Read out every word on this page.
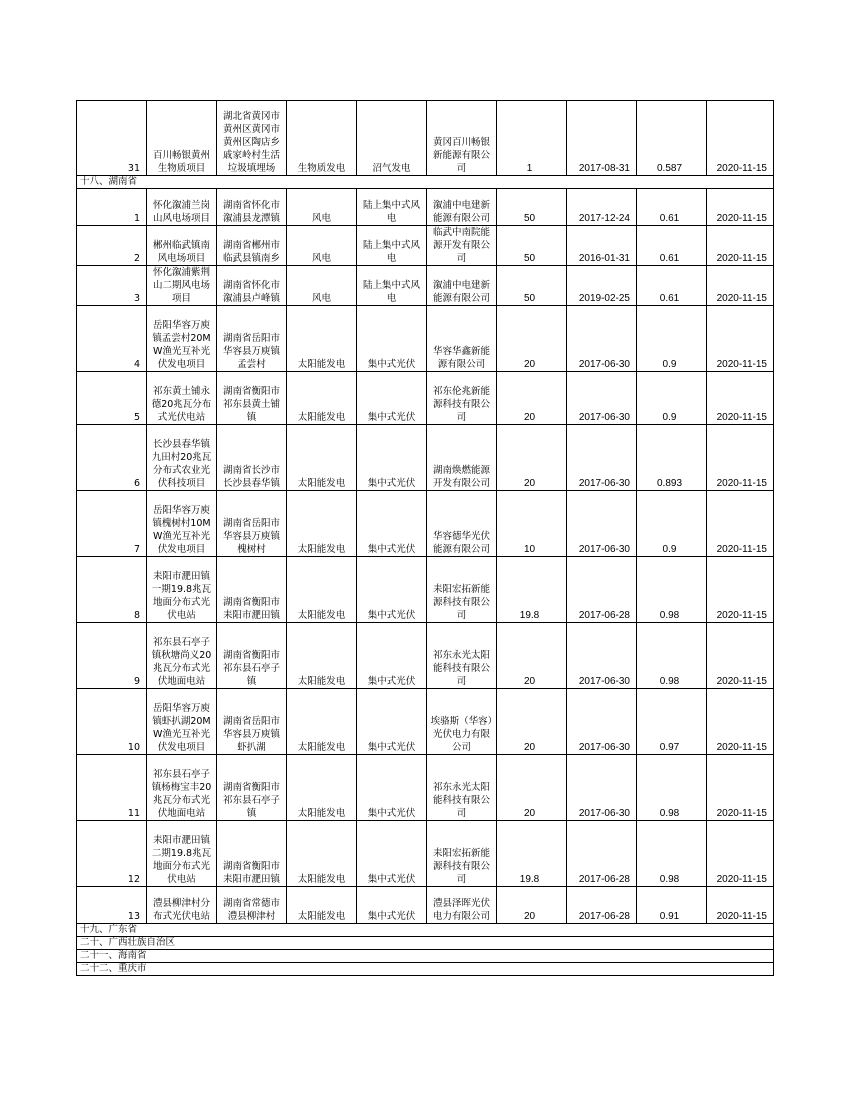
31	百川畅银黄州生物质项目	湖北省黄冈市黄州区黄冈市黄州区陶店乡戚家岭村生活垃圾填埋场	生物质发电	沼气发电	黄冈百川畅银新能源有限公司	1	2017-08-31	0.587	2020-11-15
十八、湖南省									
1	怀化溆浦兰岗山风电场项目	湖南省怀化市溆浦县龙潭镇	风电	陆上集中式风电	溆浦中电建新能源有限公司	50	2017-12-24	0.61	2020-11-15
2	郴州临武镇南风电场项目	湖南省郴州市临武县镇南乡	风电	陆上集中式风电	临武中南院能源开发有限公司	50	2016-01-31	0.61	2020-11-15
3	怀化溆浦紫荆山二期风电场项目	湖南省怀化市溆浦县卢峰镇	风电	陆上集中式风电	溆浦中电建新能源有限公司	50	2019-02-25	0.61	2020-11-15
4	岳阳华容万庾镇孟尝村20MW渔光互补光伏发电项目	湖南省岳阳市华容县万庾镇孟尝村	太阳能发电	集中式光伏	华容华鑫新能源有限公司	20	2017-06-30	0.9	2020-11-15
5	祁东黄土铺永德20兆瓦分布式光伏电站	湖南省衡阳市祁东县黄土铺镇	太阳能发电	集中式光伏	祁东伦兆新能源科技有限公司	20	2017-06-30	0.9	2020-11-15
6	长沙县春华镇九田村20兆瓦分布式农业光伏科技项目	湖南省长沙市长沙县春华镇	太阳能发电	集中式光伏	湖南焕燃能源开发有限公司	20	2017-06-30	0.893	2020-11-15
7	岳阳华容万庾镇槐树村10MW渔光互补光伏发电项目	湖南省岳阳市华容县万庾镇槐树村	太阳能发电	集中式光伏	华容德华光伏能源有限公司	10	2017-06-30	0.9	2020-11-15
8	耒阳市淝田镇一期19.8兆瓦地面分布式光伏电站	湖南省衡阳市耒阳市淝田镇	太阳能发电	集中式光伏	耒阳宏拓新能源科技有限公司	19.8	2017-06-28	0.98	2020-11-15
9	祁东县石亭子镇秋塘尚义20兆瓦分布式光伏地面电站	湖南省衡阳市祁东县石亭子镇	太阳能发电	集中式光伏	祁东永光太阳能科技有限公司	20	2017-06-30	0.98	2020-11-15
10	岳阳华容万庾镇虾扒湖20MW渔光互补光伏发电项目	湖南省岳阳市华容县万庾镇虾扒湖	太阳能发电	集中式光伏	埃骆斯（华容）光伏电力有限公司	20	2017-06-30	0.97	2020-11-15
11	祁东县石亭子镇杨梅宝丰20兆瓦分布式光伏地面电站	湖南省衡阳市祁东县石亭子镇	太阳能发电	集中式光伏	祁东永光太阳能科技有限公司	20	2017-06-30	0.98	2020-11-15
12	耒阳市淝田镇二期19.8兆瓦地面分布式光伏电站	湖南省衡阳市耒阳市淝田镇	太阳能发电	集中式光伏	耒阳宏拓新能源科技有限公司	19.8	2017-06-28	0.98	2020-11-15
13	澧县柳津村分布式光伏电站	湖南省常德市澧县柳津村	太阳能发电	集中式光伏	澧县泽晖光伏电力有限公司	20	2017-06-28	0.91	2020-11-15
十九、广东省									
二十、广西壮族自治区									
二十一、海南省									
二十二、重庆市									
